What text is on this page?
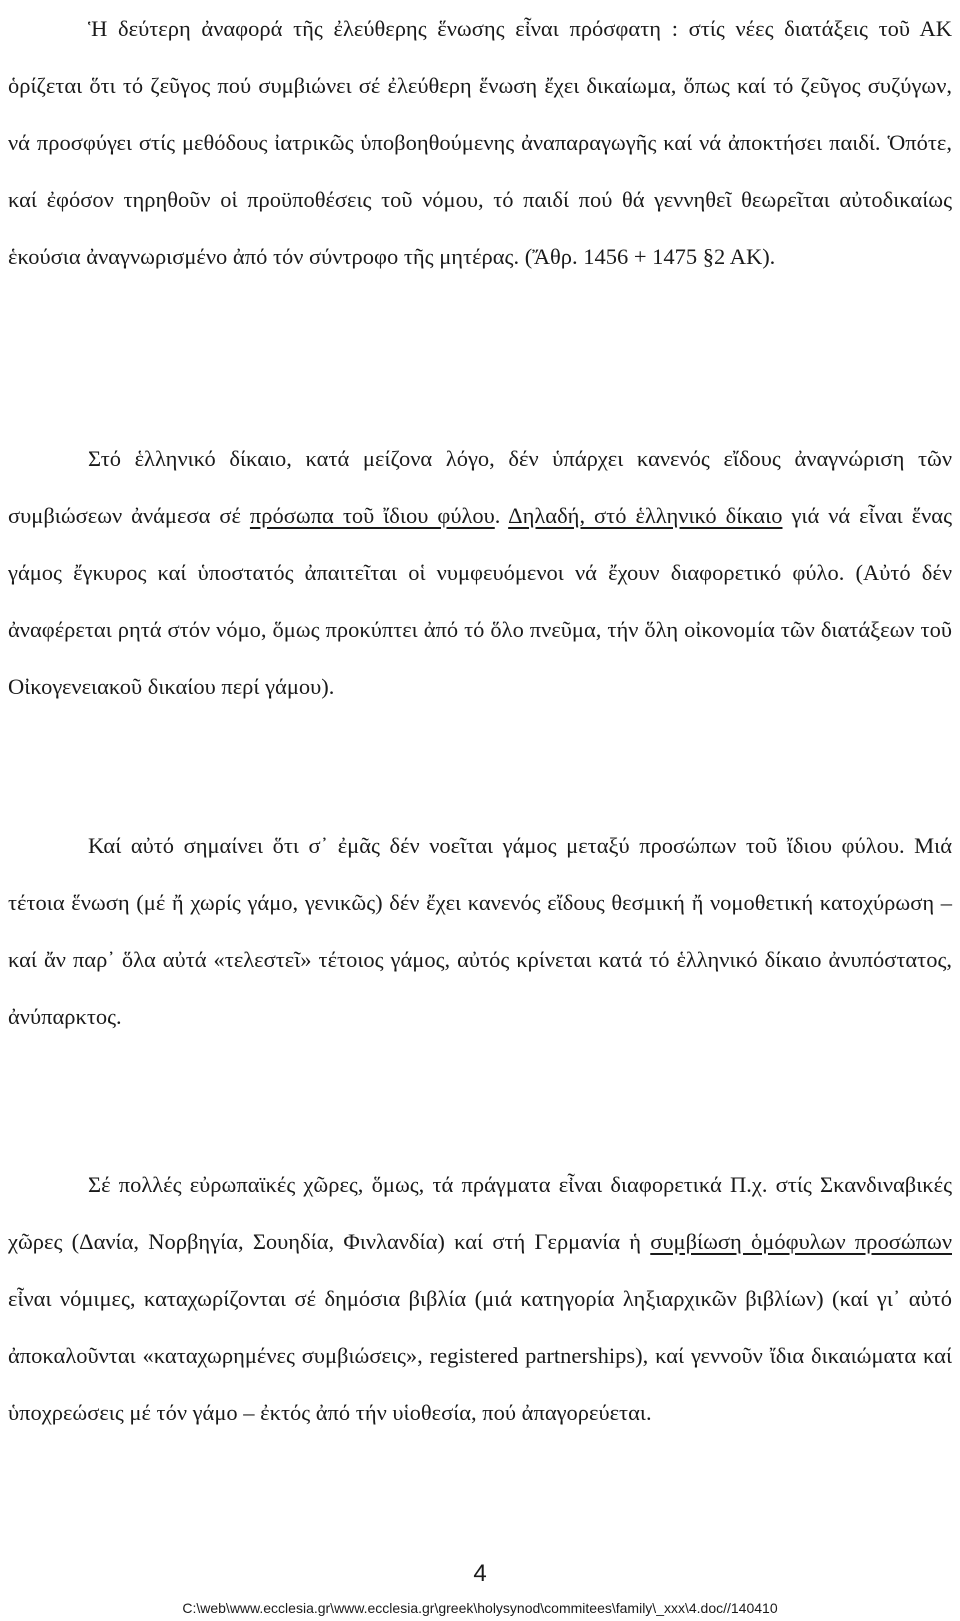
Ἡ δεύτερη ἀναφορά τῆς ἐλεύθερης ἕνωσης εἶναι πρόσφατη : στίς νέες διατάξεις τοῦ ΑΚ ὁρίζεται ὅτι τό ζεῦγος πού συμβιώνει σέ ἐλεύθερη ἕνωση ἔχει δικαίωμα, ὅπως καί τό ζεῦγος συζύγων, νά προσφύγει στίς μεθόδους ἰατρικῶς ὑποβοηθούμενης ἀναπαραγωγῆς καί νά ἀποκτήσει παιδί. Ὁπότε, καί ἐφόσον τηρηθοῦν οἱ προϋποθέσεις τοῦ νόμου, τό παιδί πού θά γεννηθεῖ θεωρεῖται αὐτοδικαίως ἑκούσια ἀναγνωρισμένο ἀπό τόν σύντροφο τῆς μητέρας. (Ἄθρ. 1456 + 1475 §2 ΑΚ).

Στό ἑλληνικό δίκαιο, κατά μείζονα λόγο, δέν ὑπάρχει κανενός εἴδους ἀναγνώριση τῶν συμβιώσεων ἀνάμεσα σέ πρόσωπα τοῦ ἴδιου φύλου. Δηλαδή, στό ἑλληνικό δίκαιο γιά νά εἶναι ἕνας γάμος ἔγκυρος καί ὑποστατός ἀπαιτεῖται οἱ νυμφευόμενοι νά ἔχουν διαφορετικό φύλο. (Αὐτό δέν ἀναφέρεται ρητά στόν νόμο, ὅμως προκύπτει ἀπό τό ὅλο πνεῦμα, τήν ὅλη οἰκονομία τῶν διατάξεων τοῦ Οἰκογενειακοῦ δικαίου περί γάμου).

Καί αὐτό σημαίνει ὅτι σ᾽ ἐμᾶς δέν νοεῖται γάμος μεταξύ προσώπων τοῦ ἴδιου φύλου. Μιά τέτοια ἕνωση (μέ ἤ χωρίς γάμο, γενικῶς) δέν ἔχει κανενός εἴδους θεσμική ἤ νομοθετική κατοχύρωση – καί ἄν παρ᾽ ὅλα αὐτά «τελεστεῖ» τέτοιος γάμος, αὐτός κρίνεται κατά τό ἑλληνικό δίκαιο ἀνυπόστατος, ἀνύπαρκτος.

Σέ πολλές εὐρωπαϊκές χῶρες, ὅμως, τά πράγματα εἶναι διαφορετικά Π.χ. στίς Σκανδιναβικές χῶρες (Δανία, Νορβηγία, Σουηδία, Φινλανδία) καί στή Γερμανία ἡ συμβίωση ὁμόφυλων προσώπων εἶναι νόμιμες, καταχωρίζονται σέ δημόσια βιβλία (μιά κατηγορία ληξιαρχικῶν βιβλίων) (καί γι᾽ αὐτό ἀποκαλοῦνται «καταχωρημένες συμβιώσεις», registered partnerships), καί γεννοῦν ἴδια δικαιώματα καί ὑποχρεώσεις μέ τόν γάμο – ἐκτός ἀπό τήν υἱοθεσία, πού ἀπαγορεύεται.

4
C:\web\www.ecclesia.gr\www.ecclesia.gr\greek\holysynod\commitees\family\_xxx\4.doc//140410
